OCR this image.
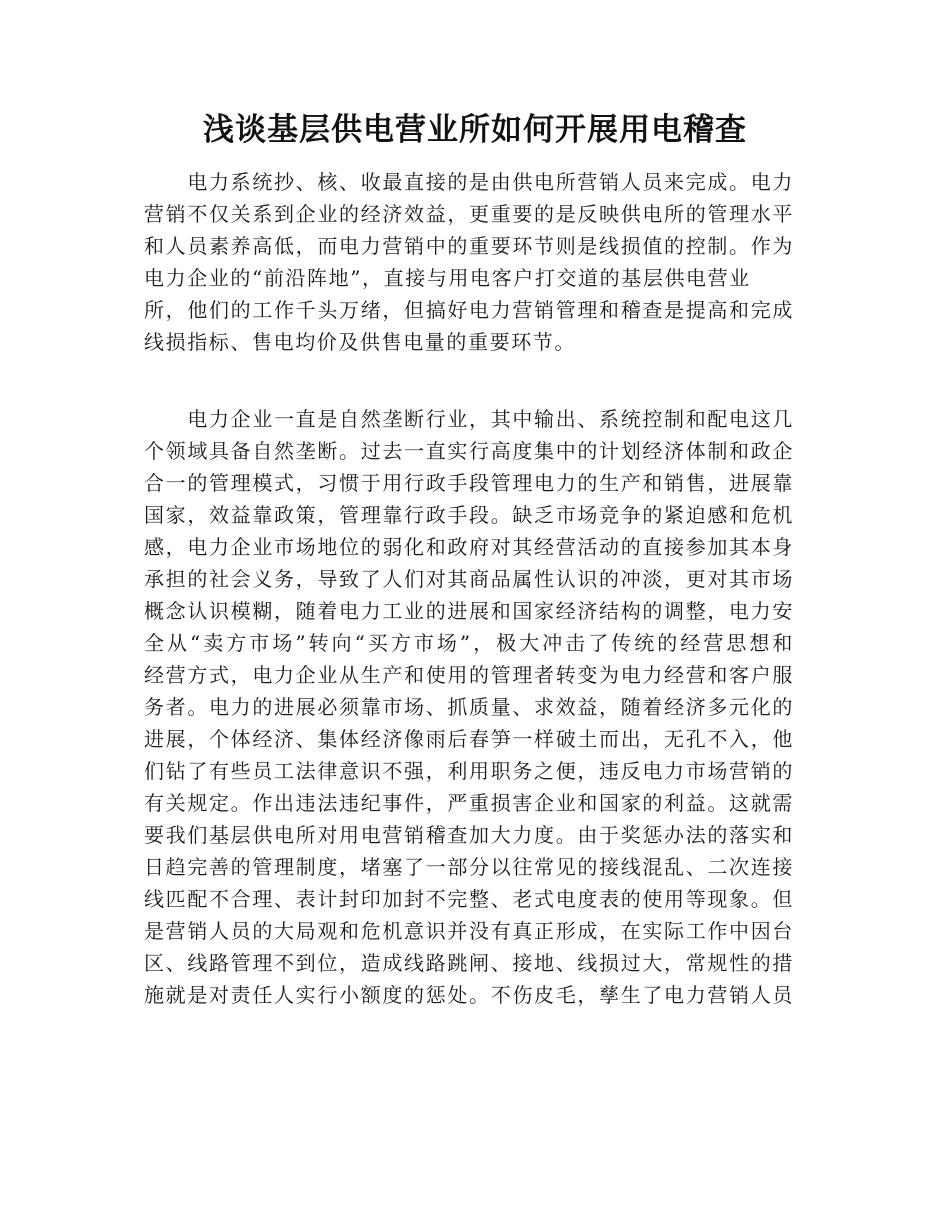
浅谈基层供电营业所如何开展用电稽查
　　电力系统抄、核、收最直接的是由供电所营销人员来完成。电力
营销不仅关系到企业的经济效益，更重要的是反映供电所的管理水平
和人员素养高低，而电力营销中的重要环节则是线损值的控制。作为
电力企业的“前沿阵地”，直接与用电客户打交道的基层供电营业
所，他们的工作千头万绪，但搞好电力营销管理和稽查是提高和完成
线损指标、售电均价及供售电量的重要环节。
　　电力企业一直是自然垄断行业，其中输出、系统控制和配电这几
个领域具备自然垄断。过去一直实行高度集中的计划经济体制和政企
合一的管理模式，习惯于用行政手段管理电力的生产和销售，进展靠
国家，效益靠政策，管理靠行政手段。缺乏市场竞争的紧迫感和危机
感，电力企业市场地位的弱化和政府对其经营活动的直接参加其本身
承担的社会义务，导致了人们对其商品属性认识的冲淡，更对其市场
概念认识模糊，随着电力工业的进展和国家经济结构的调整，电力安
全从“卖方市场”转向“买方市场”，极大冲击了传统的经营思想和
经营方式，电力企业从生产和使用的管理者转变为电力经营和客户服
务者。电力的进展必须靠市场、抓质量、求效益，随着经济多元化的
进展，个体经济、集体经济像雨后春笋一样破土而出，无孔不入，他
们钻了有些员工法律意识不强，利用职务之便，违反电力市场营销的
有关规定。作出违法违纪事件，严重损害企业和国家的利益。这就需
要我们基层供电所对用电营销稽查加大力度。由于奖惩办法的落实和
日趋完善的管理制度，堵塞了一部分以往常见的接线混乱、二次连接
线匹配不合理、表计封印加封不完整、老式电度表的使用等现象。但
是营销人员的大局观和危机意识并没有真正形成，在实际工作中因台
区、线路管理不到位，造成线路跳闸、接地、线损过大，常规性的措
施就是对责任人实行小额度的惩处。不伤皮毛，孳生了电力营销人员
